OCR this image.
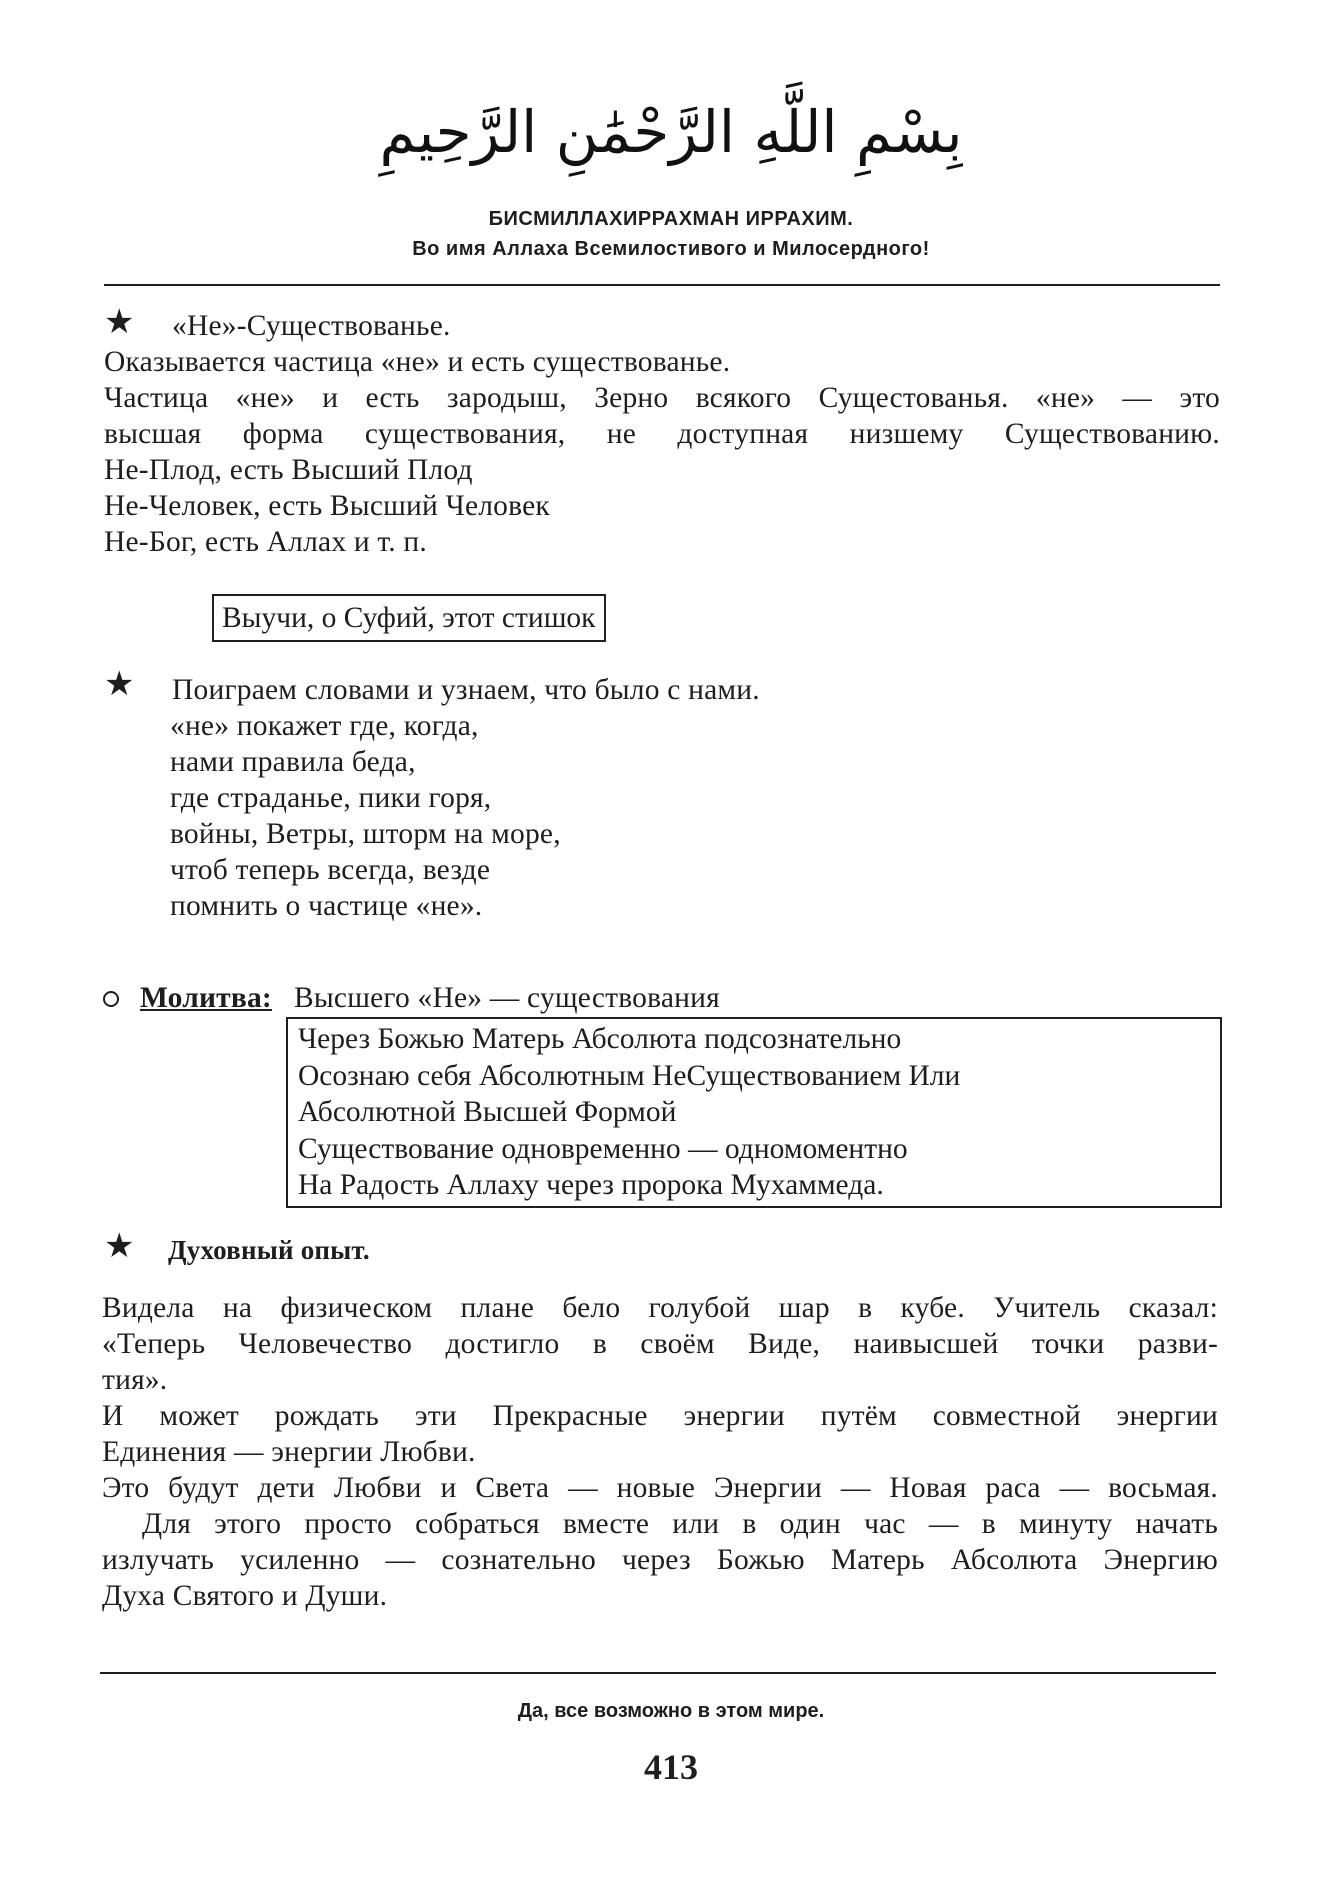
بِسْمِ اللَّهِ الرَّحْمَٰنِ الرَّحِيمِ
БИСМИЛЛАХИРРАХМАН ИРРАХИМ.
Во имя Аллаха Всемилостивого и Милосердного!
★ «Не»-Существованье.
Оказывается частица «не» и есть существованье.
Частица «не» и есть зародыш, Зерно всякого Сущестованья. «не» — это
высшая форма существования, не доступная низшему Существованию.
Не-Плод, есть Высший Плод
Не-Человек, есть Высший Человек
Не-Бог, есть Аллах и т. п.
Выучи, о Суфий, этот стишок
★ Поиграем словами и узнаем, что было с нами.
«не» покажет где, когда,
нами правила беда,
где страданье, пики горя,
войны, Ветры, шторм на море,
чтоб теперь всегда, везде
помнить о частице «не».
Молитва: Высшего «Не» — существования
Через Божью Матерь Абсолюта подсознательно
Осознаю себя Абсолютным НеСуществованием Или
Абсолютной Высшей Формой
Существование одновременно — одномоментно
На Радость Аллаху через пророка Мухаммеда.
★ Духовный опыт.
Видела на физическом плане бело голубой шар в кубе. Учитель сказал:
«Теперь Человечество достигло в своём Виде, наивысшей точки разви-
тия».
И может рождать эти Прекрасные энергии путём совместной энергии
Единения — энергии Любви.
Это будут дети Любви и Света — новые Энергии — Новая раса — восьмая.
Для этого просто собраться вместе или в один час — в минуту начать
излучать усиленно — сознательно через Божью Матерь Абсолюта Энергию
Духа Святого и Души.
Да, все возможно в этом мире.
413
